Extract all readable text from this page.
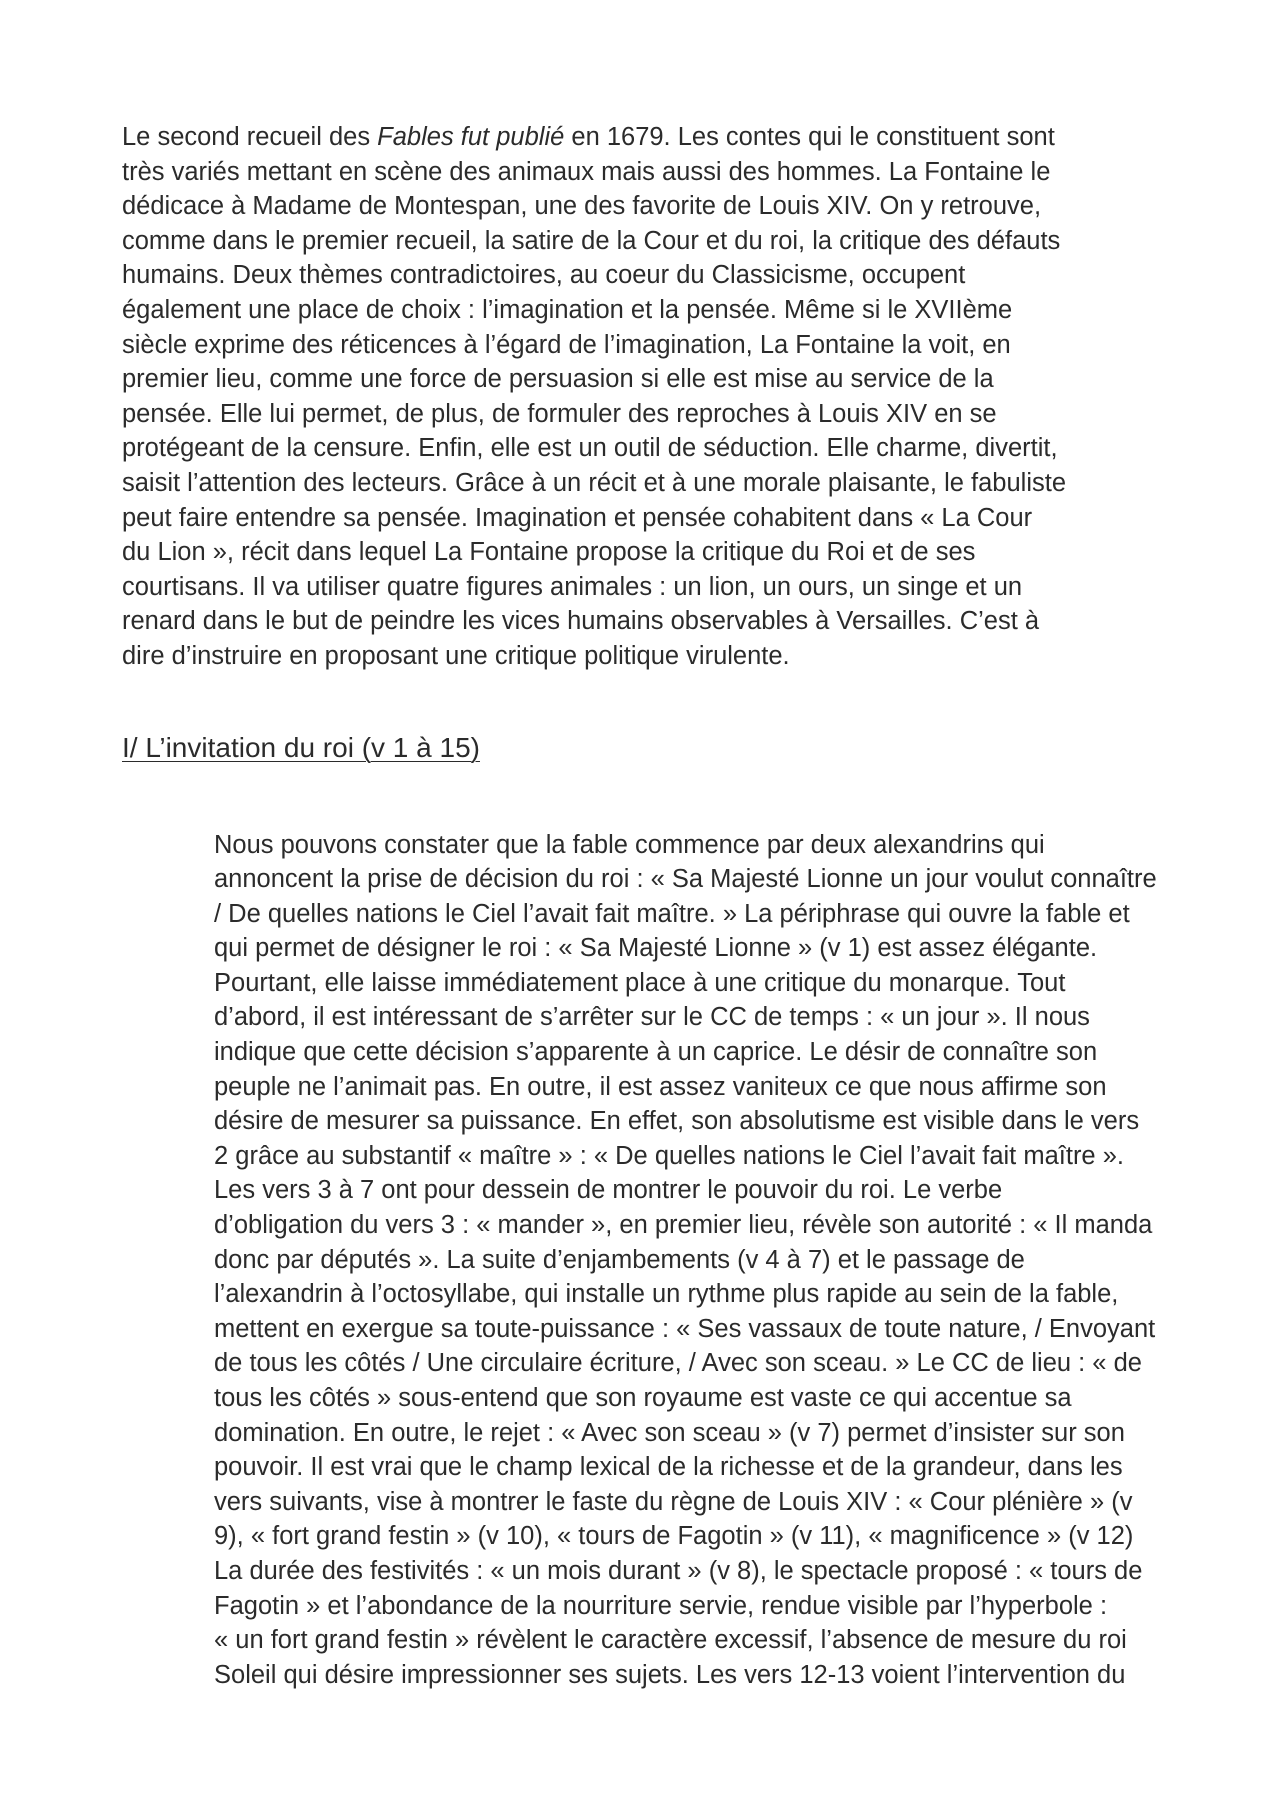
Le second recueil des Fables fut publié en 1679. Les contes qui le constituent sont
très variés mettant en scène des animaux mais aussi des hommes. La Fontaine le
dédicace à Madame de Montespan, une des favorite de Louis XIV. On y retrouve,
comme dans le premier recueil, la satire de la Cour et du roi, la critique des défauts
humains. Deux thèmes contradictoires, au coeur du Classicisme, occupent
également une place de choix : l’imagination et la pensée. Même si le XVIIème
siècle exprime des réticences à l’égard de l’imagination, La Fontaine la voit, en
premier lieu, comme une force de persuasion si elle est mise au service de la
pensée. Elle lui permet, de plus, de formuler des reproches à Louis XIV en se
protégeant de la censure. Enfin, elle est un outil de séduction. Elle charme, divertit,
saisit l’attention des lecteurs. Grâce à un récit et à une morale plaisante, le fabuliste
peut faire entendre sa pensée. Imagination et pensée cohabitent dans « La Cour
du Lion », récit dans lequel La Fontaine propose la critique du Roi et de ses
courtisans. Il va utiliser quatre figures animales : un lion, un ours, un singe et un
renard dans le but de peindre les vices humains observables à Versailles. C’est à
dire d’instruire en proposant une critique politique virulente.

I/ L’invitation du roi (v 1 à 15)

Nous pouvons constater que la fable commence par deux alexandrins qui
annoncent la prise de décision du roi : « Sa Majesté Lionne un jour voulut connaître
/ De quelles nations le Ciel l’avait fait maître. » La périphrase qui ouvre la fable et
qui permet de désigner le roi : « Sa Majesté Lionne » (v 1) est assez élégante.
Pourtant, elle laisse immédiatement place à une critique du monarque. Tout
d’abord, il est intéressant de s’arrêter sur le CC de temps : « un jour ». Il nous
indique que cette décision s’apparente à un caprice. Le désir de connaître son
peuple ne l’animait pas. En outre, il est assez vaniteux ce que nous affirme son
désire de mesurer sa puissance. En effet, son absolutisme est visible dans le vers
2 grâce au substantif « maître » : « De quelles nations le Ciel l’avait fait maître ».
Les vers 3 à 7 ont pour dessein de montrer le pouvoir du roi. Le verbe
d’obligation du vers 3 : « mander », en premier lieu, révèle son autorité : « Il manda
donc par députés ». La suite d’enjambements (v 4 à 7) et le passage de
l’alexandrin à l’octosyllabe, qui installe un rythme plus rapide au sein de la fable,
mettent en exergue sa toute-puissance : « Ses vassaux de toute nature, / Envoyant
de tous les côtés / Une circulaire écriture, / Avec son sceau. » Le CC de lieu : « de
tous les côtés » sous-entend que son royaume est vaste ce qui accentue sa
domination. En outre, le rejet : « Avec son sceau » (v 7) permet d’insister sur son
pouvoir. Il est vrai que le champ lexical de la richesse et de la grandeur, dans les
vers suivants, vise à montrer le faste du règne de Louis XIV : « Cour plénière » (v
9), « fort grand festin » (v 10), « tours de Fagotin » (v 11), « magnificence » (v 12)
La durée des festivités : « un mois durant » (v 8), le spectacle proposé : « tours de
Fagotin » et l’abondance de la nourriture servie, rendue visible par l’hyperbole :
« un fort grand festin » révèlent le caractère excessif, l’absence de mesure du roi
Soleil qui désire impressionner ses sujets. Les vers 12-13 voient l’intervention du
